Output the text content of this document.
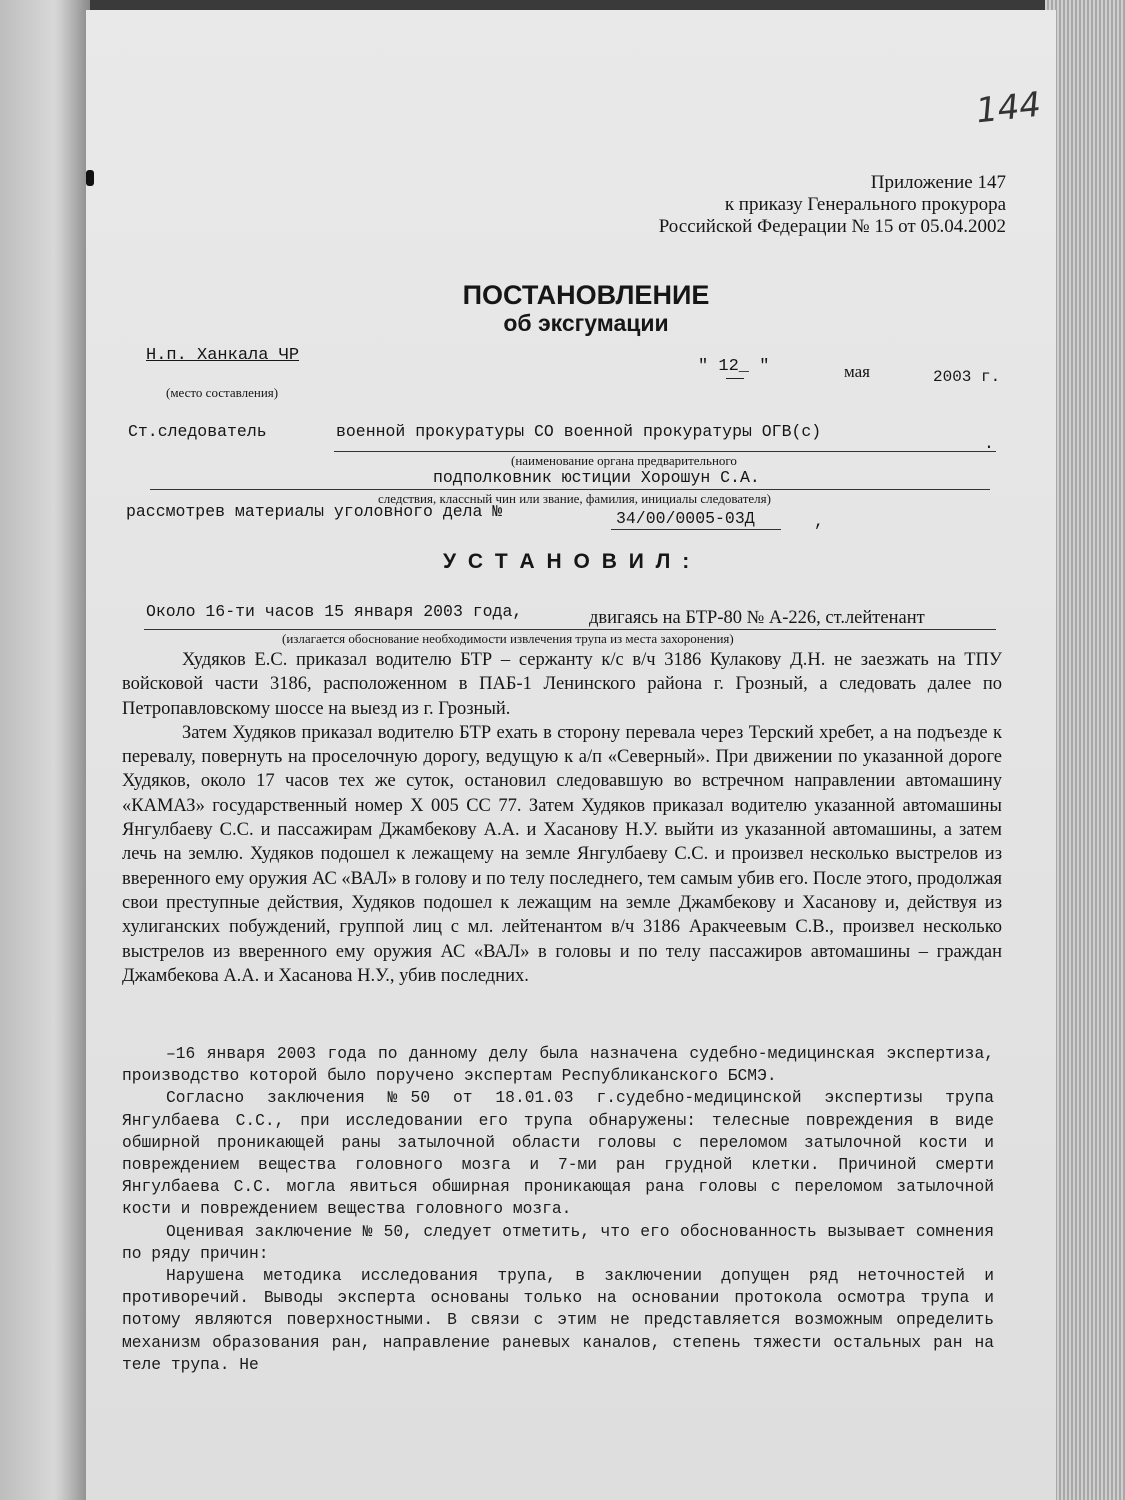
144
Приложение 147
к приказу Генерального прокурора
Российской Федерации № 15 от 05.04.2002
ПОСТАНОВЛЕНИЕ
об эксгумации
Н.п. Ханкала ЧР
(место составления)
" 12_ "	мая	2003 г.
Ст.следователь	военной прокуратуры СО военной прокуратуры ОГВ(с)
.
(наименование органа предварительного
подполковник юстиции Хорошун С.А.
следствия, классный чин или звание, фамилия, инициалы следователя)
рассмотрев материалы уголовного дела №	34/00/0005-03Д	,
У С Т А Н О В И Л :
Около 16-ти часов 15 января 2003 года,	двигаясь на БТР-80 № А-226, ст.лейтенант
(излагается обоснование необходимости извлечения трупа из места захоронения)

Худяков Е.С. приказал водителю БТР – сержанту к/с в/ч 3186 Кулакову Д.Н. не заезжать на ТПУ войсковой части 3186, расположенном в ПАБ-1 Ленинского района г. Грозный, а следовать далее по Петропавловскому шоссе на выезд из г. Грозный.

Затем Худяков приказал водителю БТР ехать в сторону перевала через Терский хребет, а на подъезде к перевалу, повернуть на проселочную дорогу, ведущую к а/п «Северный». При движении по указанной дороге Худяков, около 17 часов тех же суток, остановил следовавшую во встречном направлении автомашину «КАМАЗ» государственный номер Х 005 СС 77. Затем Худяков приказал водителю указанной автомашины Янгулбаеву С.С. и пассажирам Джамбекову А.А. и Хасанову Н.У. выйти из указанной автомашины, а затем лечь на землю. Худяков подошел к лежащему на земле Янгулбаеву С.С. и произвел несколько выстрелов из вверенного ему оружия АС «ВАЛ» в голову и по телу последнего, тем самым убив его. После этого, продолжая свои преступные действия, Худяков подошел к лежащим на земле Джамбекову и Хасанову и, действуя из хулиганских побуждений, группой лиц с мл. лейтенантом в/ч 3186 Аракчеевым С.В., произвел несколько выстрелов из вверенного ему оружия АС «ВАЛ» в головы и по телу пассажиров автомашины – граждан Джамбекова А.А. и Хасанова Н.У., убив последних.

–16 января 2003 года по данному делу была назначена судебно-медицинская экспертиза, производство которой было поручено экспертам Республиканского БСМЭ.

Согласно заключения №50 от 18.01.03 г.судебно-медицинской экспертизы трупа Янгулбаева С.С., при исследовании его трупа обнаружены: телесные повреждения в виде обширной проникающей раны затылочной области головы с переломом затылочной кости и повреждением вещества головного мозга и 7-ми ран грудной клетки. Причиной смерти Янгулбаева С.С. могла явиться обширная проникающая рана головы с переломом затылочной кости и повреждением вещества головного мозга.

Оценивая заключение № 50, следует отметить, что его обоснованность вызывает сомнения по ряду причин:

Нарушена методика исследования трупа, в заключении допущен ряд неточностей и противоречий. Выводы эксперта основаны только на основании протокола осмотра трупа и потому являются поверхностными. В связи с этим не представляется возможным определить механизм образования ран, направление раневых каналов, степень тяжести остальных ран на теле трупа. Не
